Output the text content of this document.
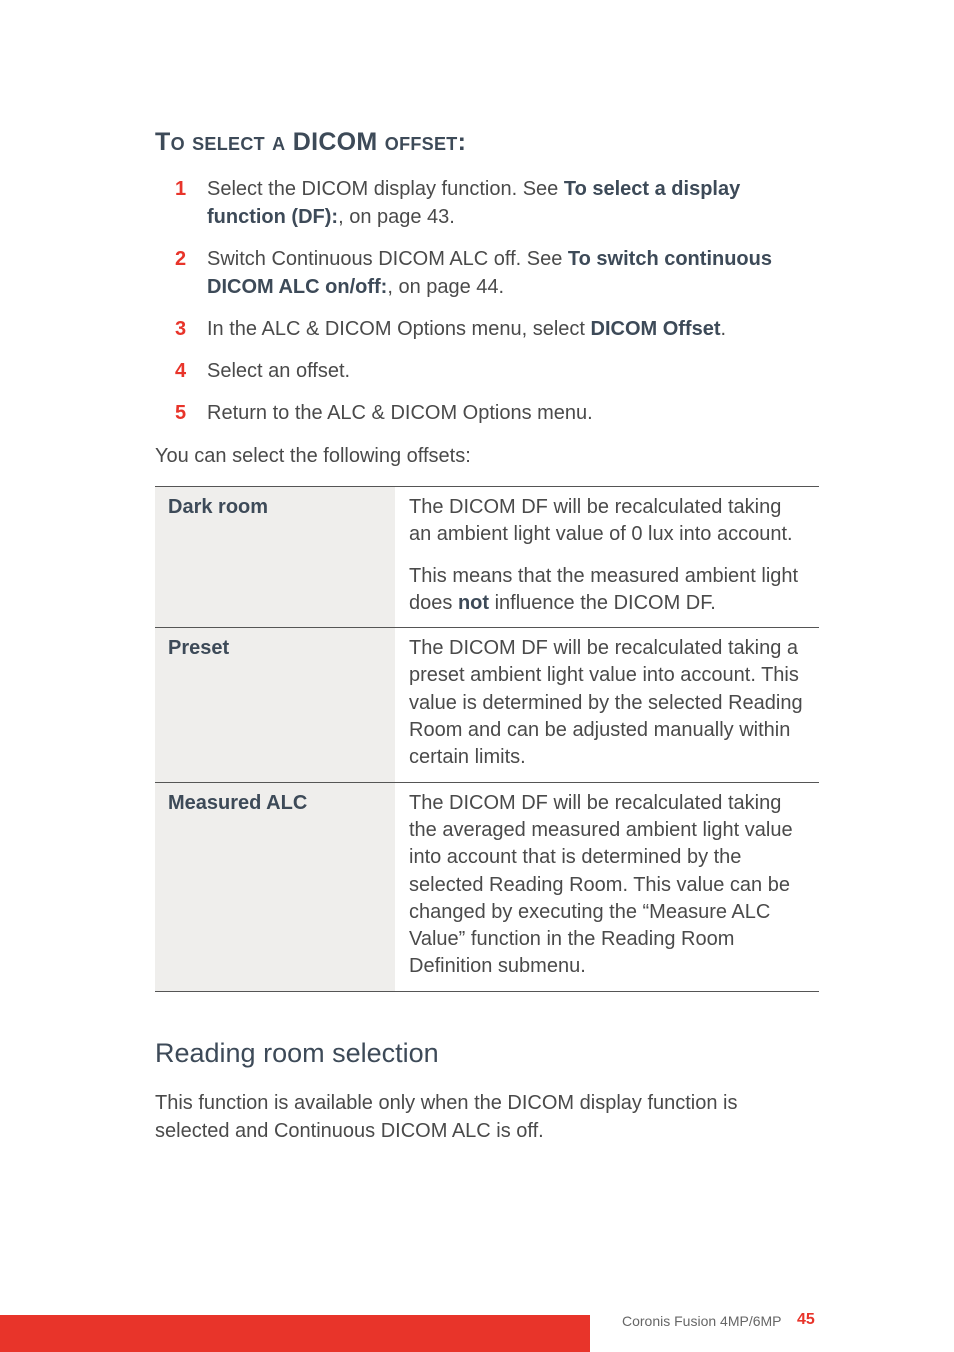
To select a DICOM offset:
1 Select the DICOM display function. See To select a display function (DF):, on page 43.
2 Switch Continuous DICOM ALC off. See To switch continuous DICOM ALC on/off:, on page 44.
3 In the ALC & DICOM Options menu, select DICOM Offset.
4 Select an offset.
5 Return to the ALC & DICOM Options menu.

You can select the following offsets:

Dark room	The DICOM DF will be recalculated taking an ambient light value of 0 lux into account.

This means that the measured ambient light does not influence the DICOM DF.

Preset	The DICOM DF will be recalculated taking a preset ambient light value into account. This value is determined by the selected Reading Room and can be adjusted manually within certain limits.

Measured ALC	The DICOM DF will be recalculated taking the averaged measured ambient light value into account that is determined by the selected Reading Room. This value can be changed by executing the “Measure ALC Value” function in the Reading Room Definition submenu.

Reading room selection

This function is available only when the DICOM display function is selected and Continuous DICOM ALC is off.

Coronis Fusion 4MP/6MP 45
